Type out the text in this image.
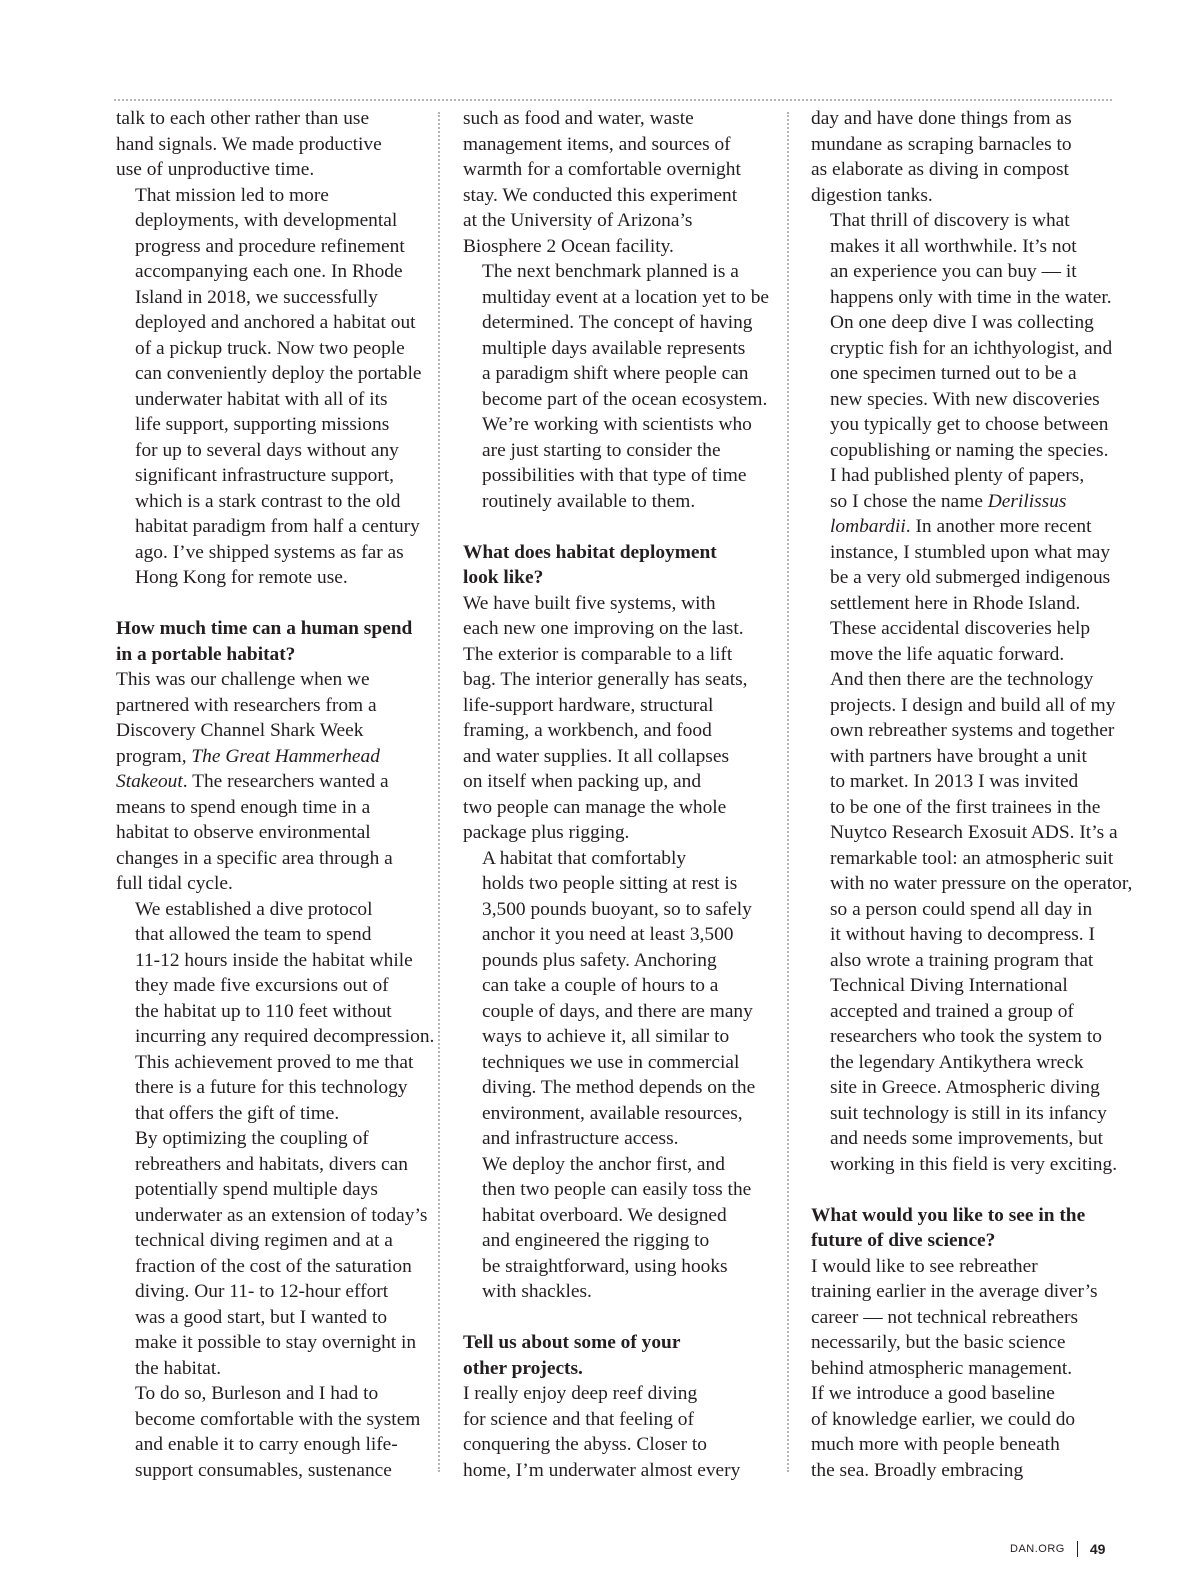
talk to each other rather than use
hand signals. We made productive
use of unproductive time.

That mission led to more
deployments, with developmental
progress and procedure refinement
accompanying each one. In Rhode
Island in 2018, we successfully
deployed and anchored a habitat out
of a pickup truck. Now two people
can conveniently deploy the portable
underwater habitat with all of its
life support, supporting missions
for up to several days without any
significant infrastructure support,
which is a stark contrast to the old
habitat paradigm from half a century
ago. I’ve shipped systems as far as
Hong Kong for remote use.

How much time can a human spend
in a portable habitat?

This was our challenge when we
partnered with researchers from a
Discovery Channel Shark Week
program, The Great Hammerhead
Stakeout. The researchers wanted a
means to spend enough time in a
habitat to observe environmental
changes in a specific area through a
full tidal cycle.

We established a dive protocol
that allowed the team to spend
11-12 hours inside the habitat while
they made five excursions out of
the habitat up to 110 feet without
incurring any required decompression.
This achievement proved to me that
there is a future for this technology
that offers the gift of time.

By optimizing the coupling of
rebreathers and habitats, divers can
potentially spend multiple days
underwater as an extension of today’s
technical diving regimen and at a
fraction of the cost of the saturation
diving. Our 11- to 12-hour effort
was a good start, but I wanted to
make it possible to stay overnight in
the habitat.

To do so, Burleson and I had to
become comfortable with the system
and enable it to carry enough life-
support consumables, sustenance

such as food and water, waste
management items, and sources of
warmth for a comfortable overnight
stay. We conducted this experiment
at the University of Arizona’s
Biosphere 2 Ocean facility.

The next benchmark planned is a
multiday event at a location yet to be
determined. The concept of having
multiple days available represents
a paradigm shift where people can
become part of the ocean ecosystem.
We’re working with scientists who
are just starting to consider the
possibilities with that type of time
routinely available to them.

What does habitat deployment
look like?

We have built five systems, with
each new one improving on the last.
The exterior is comparable to a lift
bag. The interior generally has seats,
life-support hardware, structural
framing, a workbench, and food
and water supplies. It all collapses
on itself when packing up, and
two people can manage the whole
package plus rigging.

A habitat that comfortably
holds two people sitting at rest is
3,500 pounds buoyant, so to safely
anchor it you need at least 3,500
pounds plus safety. Anchoring
can take a couple of hours to a
couple of days, and there are many
ways to achieve it, all similar to
techniques we use in commercial
diving. The method depends on the
environment, available resources,
and infrastructure access.

We deploy the anchor first, and
then two people can easily toss the
habitat overboard. We designed
and engineered the rigging to
be straightforward, using hooks
with shackles.

Tell us about some of your
other projects.

I really enjoy deep reef diving
for science and that feeling of
conquering the abyss. Closer to
home, I’m underwater almost every

day and have done things from as
mundane as scraping barnacles to
as elaborate as diving in compost
digestion tanks.

That thrill of discovery is what
makes it all worthwhile. It’s not
an experience you can buy — it
happens only with time in the water.
On one deep dive I was collecting
cryptic fish for an ichthyologist, and
one specimen turned out to be a
new species. With new discoveries
you typically get to choose between
copublishing or naming the species.
I had published plenty of papers,
so I chose the name Derilissus
lombardii. In another more recent
instance, I stumbled upon what may
be a very old submerged indigenous
settlement here in Rhode Island.
These accidental discoveries help
move the life aquatic forward.

And then there are the technology
projects. I design and build all of my
own rebreather systems and together
with partners have brought a unit
to market. In 2013 I was invited
to be one of the first trainees in the
Nuytco Research Exosuit ADS. It’s a
remarkable tool: an atmospheric suit
with no water pressure on the operator,
so a person could spend all day in
it without having to decompress. I
also wrote a training program that
Technical Diving International
accepted and trained a group of
researchers who took the system to
the legendary Antikythera wreck
site in Greece. Atmospheric diving
suit technology is still in its infancy
and needs some improvements, but
working in this field is very exciting.

What would you like to see in the
future of dive science?

I would like to see rebreather
training earlier in the average diver’s
career — not technical rebreathers
necessarily, but the basic science
behind atmospheric management.
If we introduce a good baseline
of knowledge earlier, we could do
much more with people beneath
the sea. Broadly embracing

DAN.ORG 49
